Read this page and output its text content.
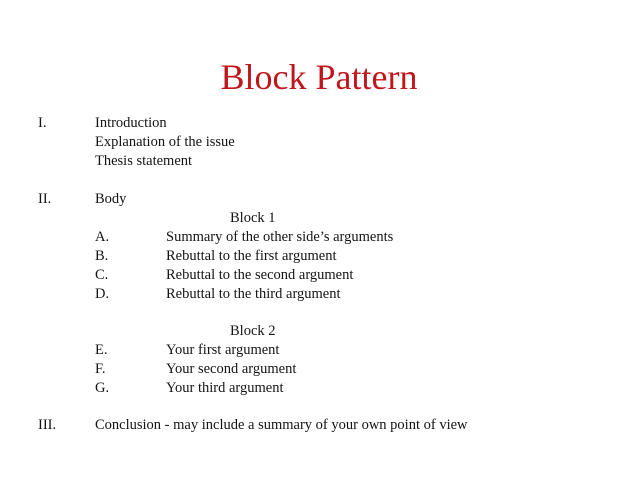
Block Pattern
I.	Introduction
Explanation of the issue
Thesis statement
II.	Body
Block 1
A.	Summary of the other side’s arguments
B.	Rebuttal to the first argument
C.	Rebuttal to the second argument
D.	Rebuttal to the third argument
Block 2
E.	Your first argument
F.	Your second argument
G.	Your third argument
III.	Conclusion - may include a summary of your own point of view
